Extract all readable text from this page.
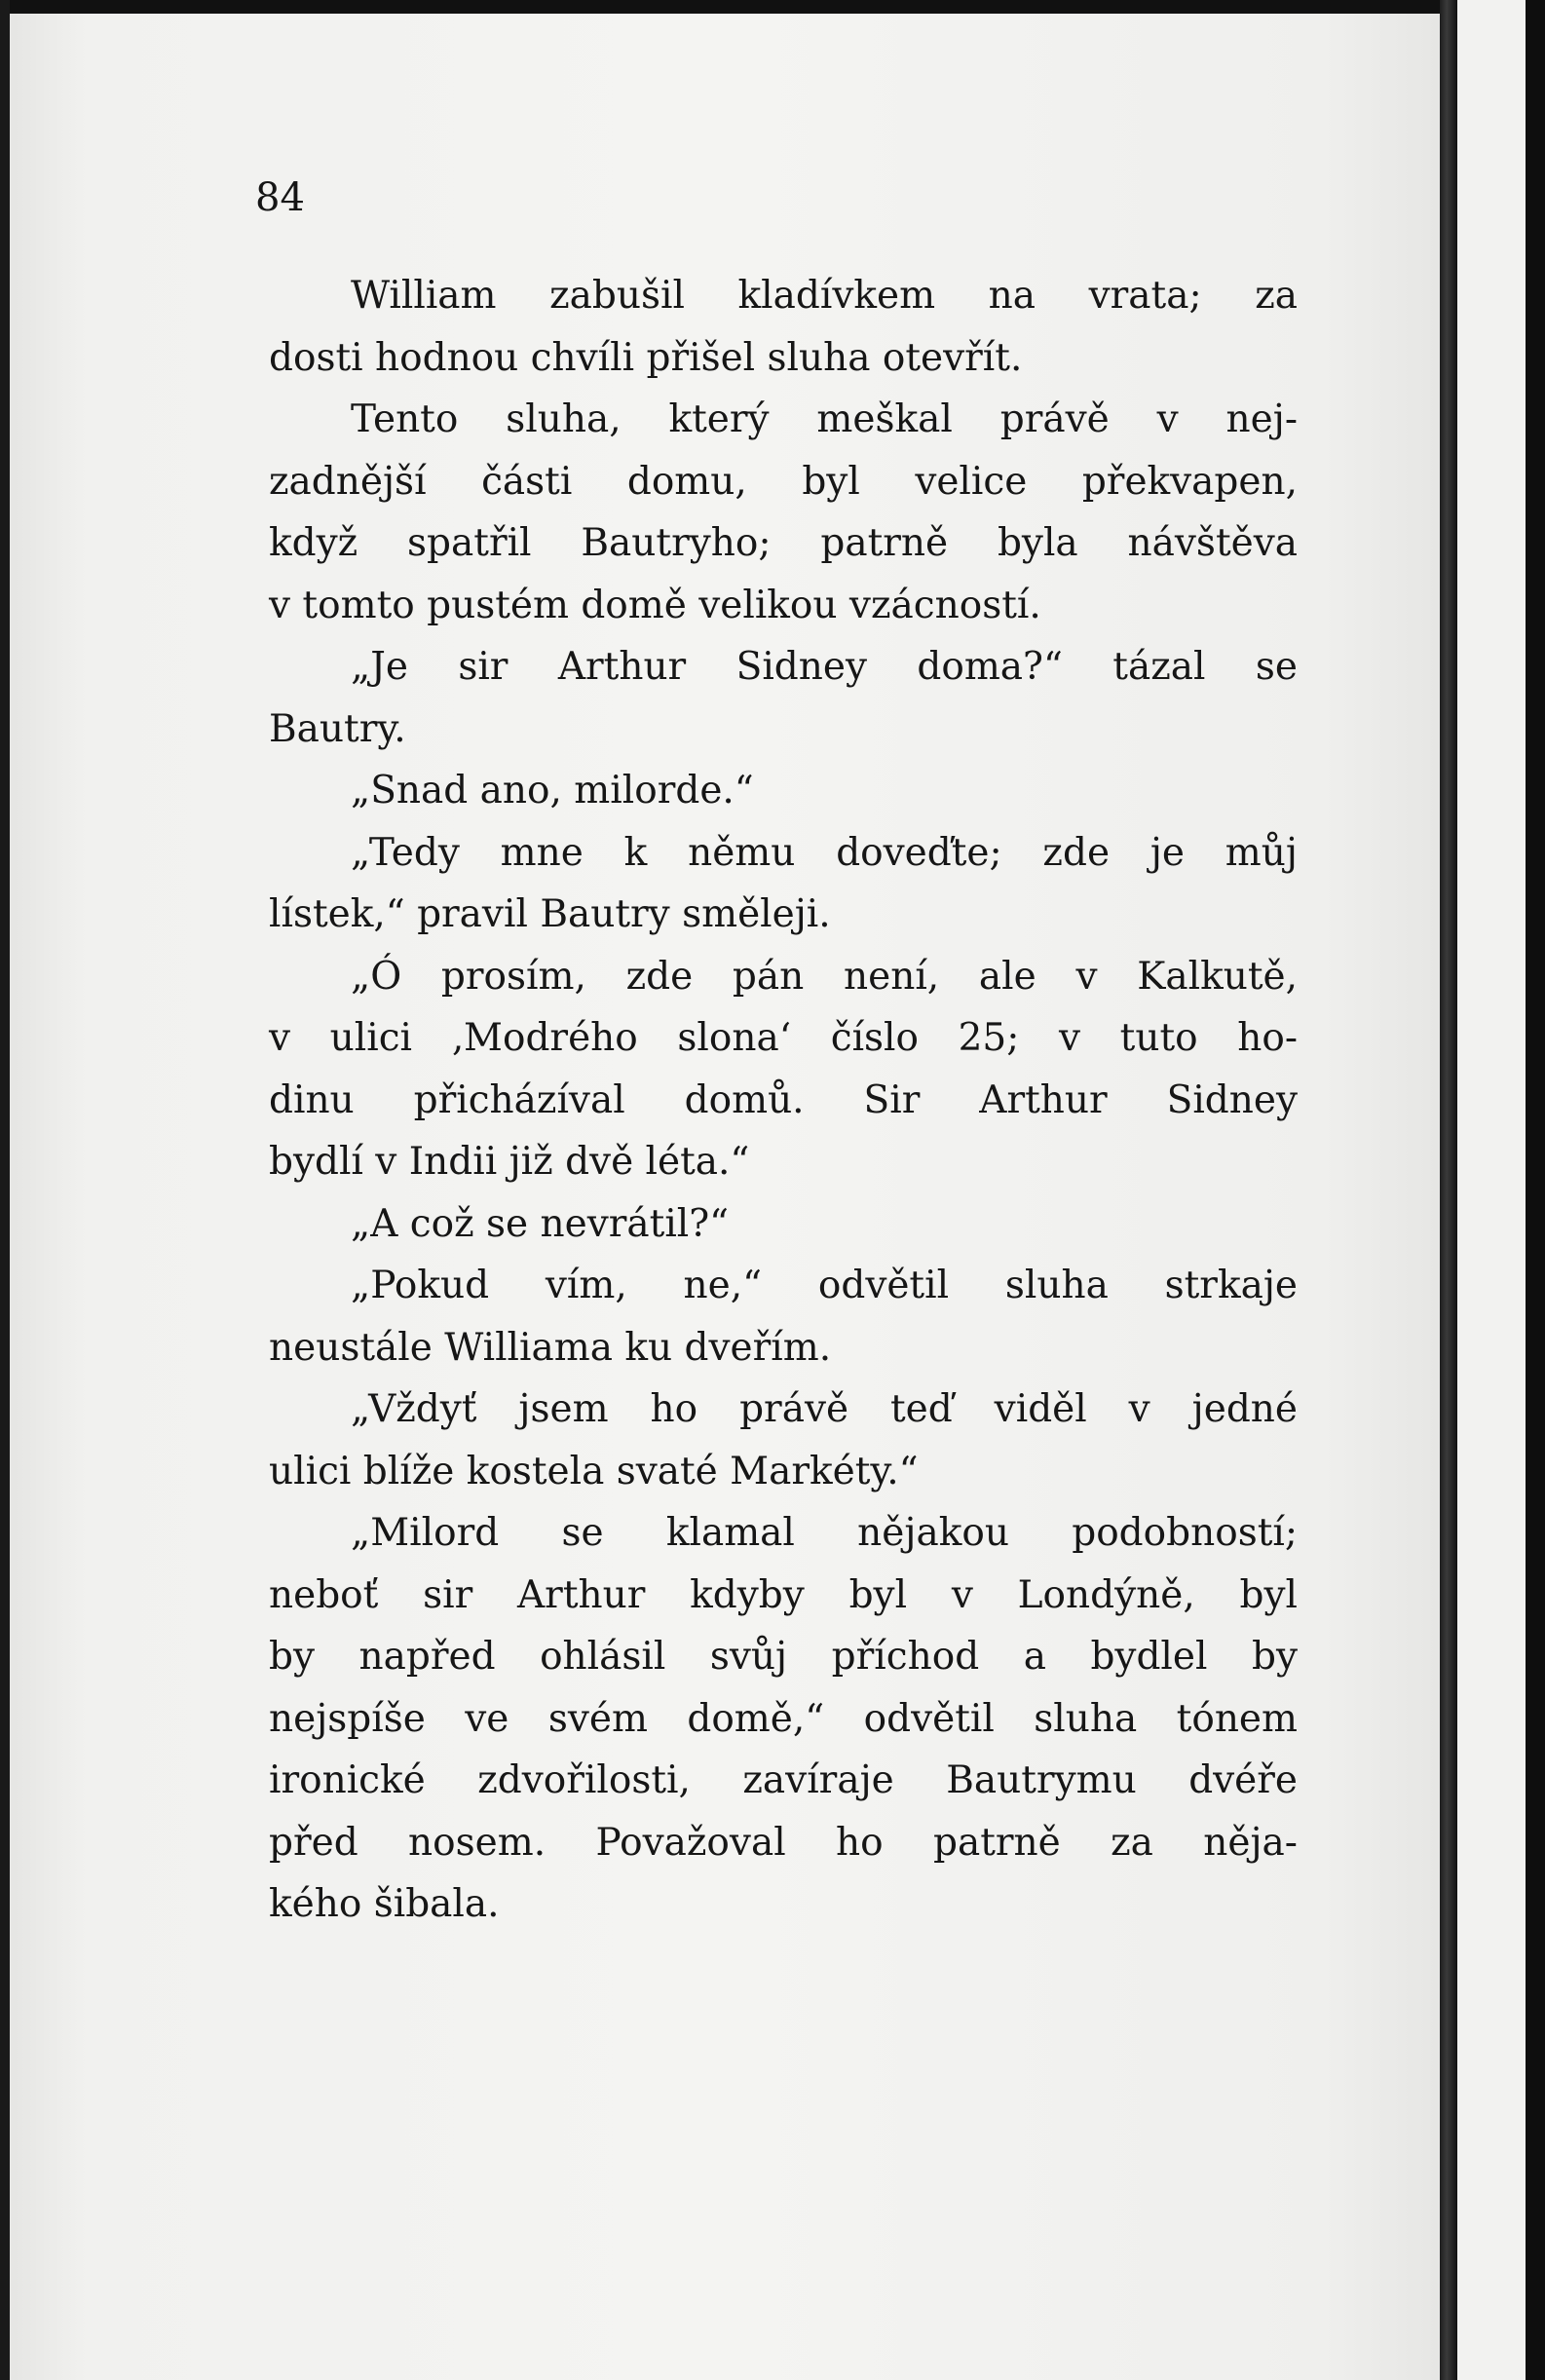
84

William zabušil kladívkem na vrata; za
dosti hodnou chvíli přišel sluha otevřít.
Tento sluha, který meškal právě v nej-
zadnější části domu, byl velice překvapen,
když spatřil Bautryho; patrně byla návštěva
v tomto pustém domě velikou vzácností.
„Je sir Arthur Sidney doma?“ tázal se
Bautry.
„Snad ano, milorde.“
„Tedy mne k němu doveďte; zde je můj
lístek,“ pravil Bautry směleji.
„Ó prosím, zde pán není, ale v Kalkutě,
v ulici ‚Modrého slona‘ číslo 25; v tuto ho-
dinu přicházíval domů. Sir Arthur Sidney
bydlí v Indii již dvě léta.“
„A což se nevrátil?“
„Pokud vím, ne,“ odvětil sluha strkaje
neustále Williama ku dveřím.
„Vždyť jsem ho právě teď viděl v jedné
ulici blíže kostela svaté Markéty.“
„Milord se klamal nějakou podobností;
neboť sir Arthur kdyby byl v Londýně, byl
by napřed ohlásil svůj příchod a bydlel by
nejspíše ve svém domě,“ odvětil sluha tónem
ironické zdvořilosti, zavíraje Bautrymu dvéře
před nosem. Považoval ho patrně za něja-
kého šibala.
